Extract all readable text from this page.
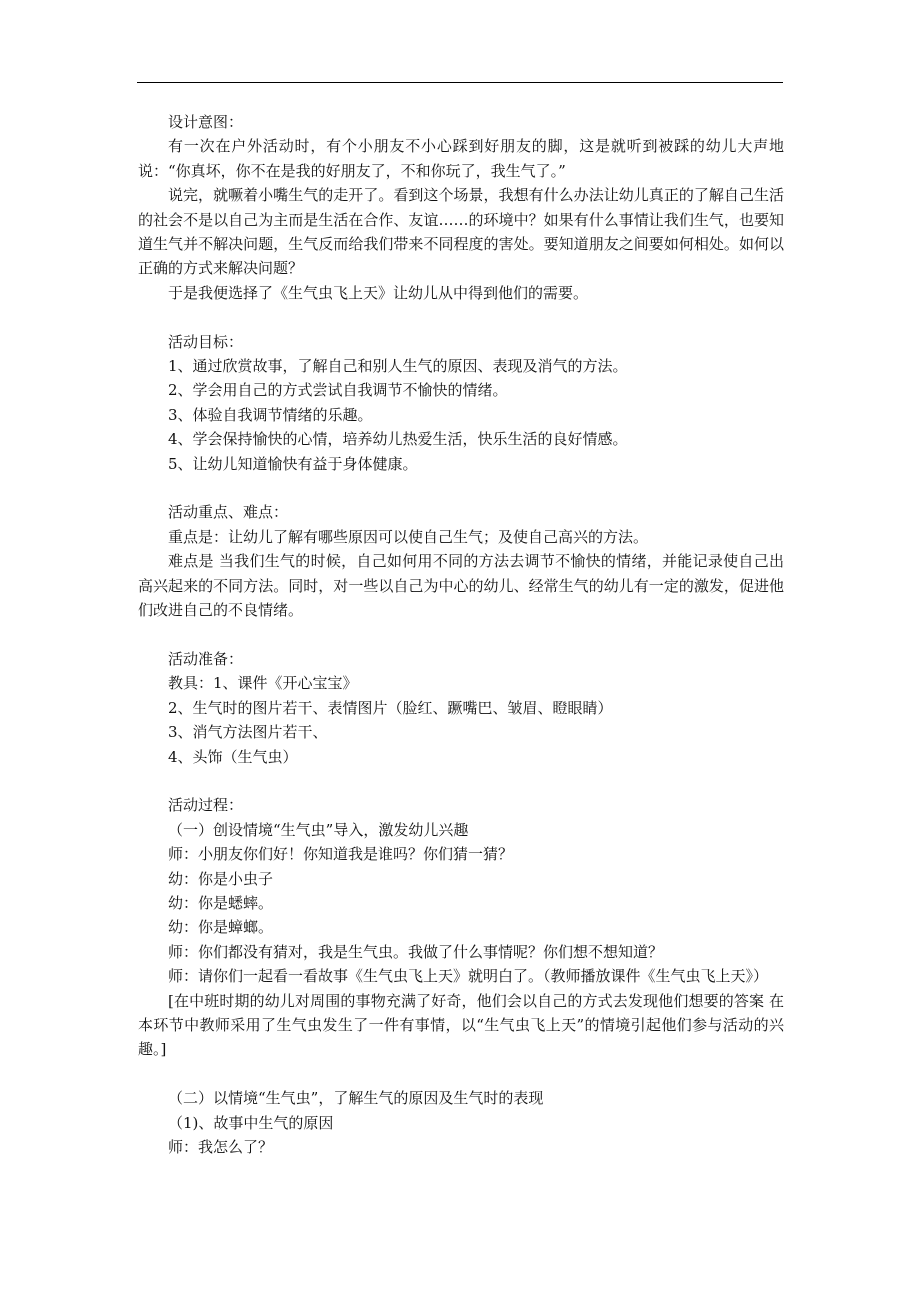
设计意图：

有一次在户外活动时，有个小朋友不小心踩到好朋友的脚，这是就听到被踩的幼儿大声地说：“你真坏，你不在是我的好朋友了，不和你玩了，我生气了。”

说完，就噘着小嘴生气的走开了。看到这个场景，我想有什么办法让幼儿真正的了解自己生活的社会不是以自己为主而是生活在合作、友谊……的环境中？如果有什么事情让我们生气，也要知道生气并不解决问题，生气反而给我们带来不同程度的害处。要知道朋友之间要如何相处。如何以正确的方式来解决问题？

于是我便选择了《生气虫飞上天》让幼儿从中得到他们的需要。

活动目标：

1、通过欣赏故事，了解自己和别人生气的原因、表现及消气的方法。

2、学会用自己的方式尝试自我调节不愉快的情绪。

3、体验自我调节情绪的乐趣。

4、学会保持愉快的心情，培养幼儿热爱生活，快乐生活的良好情感。

5、让幼儿知道愉快有益于身体健康。

活动重点、难点：

重点是：让幼儿了解有哪些原因可以使自己生气；及使自己高兴的方法。

难点是 当我们生气的时候，自己如何用不同的方法去调节不愉快的情绪，并能记录使自己出高兴起来的不同方法。同时，对一些以自己为中心的幼儿、经常生气的幼儿有一定的激发，促进他们改进自己的不良情绪。

活动准备：

教具：1、课件《开心宝宝》

2、生气时的图片若干、表情图片（脸红、蹶嘴巴、皱眉、瞪眼睛）

3、消气方法图片若干、

4、头饰（生气虫）

活动过程：

（一）创设情境“生气虫”导入，激发幼儿兴趣

师：小朋友你们好！你知道我是谁吗？你们猜一猜？

幼：你是小虫子

幼：你是蟋蟀。

幼：你是蟑螂。

师：你们都没有猜对，我是生气虫。我做了什么事情呢？你们想不想知道？

师：请你们一起看一看故事《生气虫飞上天》就明白了。（教师播放课件《生气虫飞上天》）

[在中班时期的幼儿对周围的事物充满了好奇，他们会以自己的方式去发现他们想要的答案 在本环节中教师采用了生气虫发生了一件有事情，以“生气虫飞上天”的情境引起他们参与活动的兴趣。]

（二）以情境“生气虫”，了解生气的原因及生气时的表现

（1)、故事中生气的原因

师：我怎么了？
